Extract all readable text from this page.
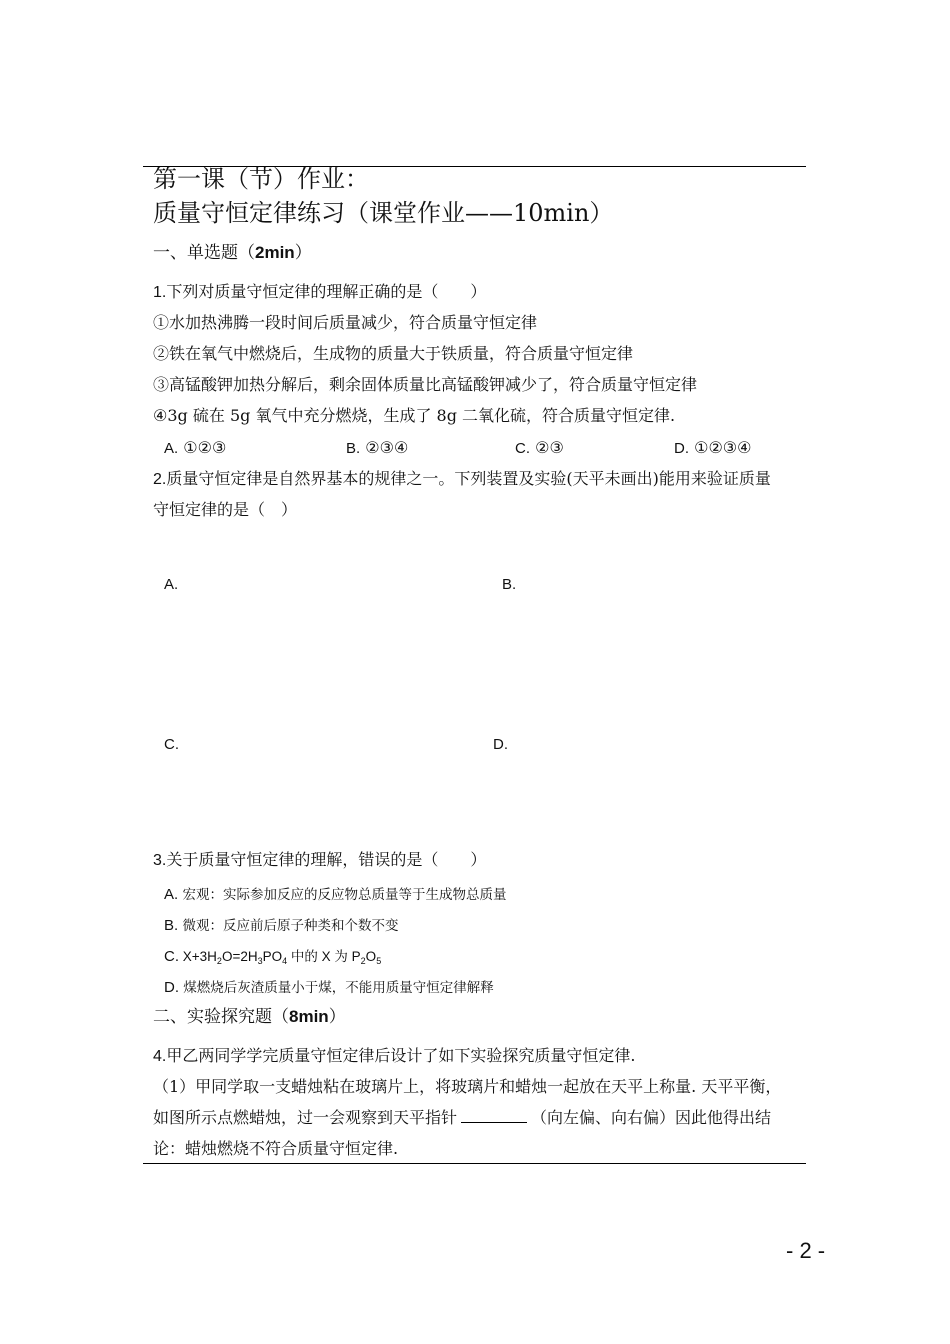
第一课（节）作业：
质量守恒定律练习（课堂作业——10min）
一、单选题（2min）
1.下列对质量守恒定律的理解正确的是（　　）
①水加热沸腾一段时间后质量减少，符合质量守恒定律
②铁在氧气中燃烧后，生成物的质量大于铁质量，符合质量守恒定律
③高锰酸钾加热分解后，剩余固体质量比高锰酸钾减少了，符合质量守恒定律
④3g 硫在 5g 氧气中充分燃烧，生成了 8g 二氧化硫，符合质量守恒定律.
A. ①②③	B. ②③④	C. ②③	D. ①②③④
2.质量守恒定律是自然界基本的规律之一。下列装置及实验(天平未画出)能用来验证质量
守恒定律的是（　）
A.	B.
C.	D.
3.关于质量守恒定律的理解，错误的是（　　）
A. 宏观：实际参加反应的反应物总质量等于生成物总质量
B. 微观：反应前后原子种类和个数不变
C. $X+3H_2O=2H_3PO_4$ 中的 X 为 $P_2O_5$
D. 煤燃烧后灰渣质量小于煤，不能用质量守恒定律解释
二、实验探究题（8min）
4.甲乙两同学学完质量守恒定律后设计了如下实验探究质量守恒定律.
（1）甲同学取一支蜡烛粘在玻璃片上，将玻璃片和蜡烛一起放在天平上称量. 天平平衡，
如图所示点燃蜡烛，过一会观察到天平指针	（向左偏、向右偏）因此他得出结
论：蜡烛燃烧不符合质量守恒定律.
- 2 -
